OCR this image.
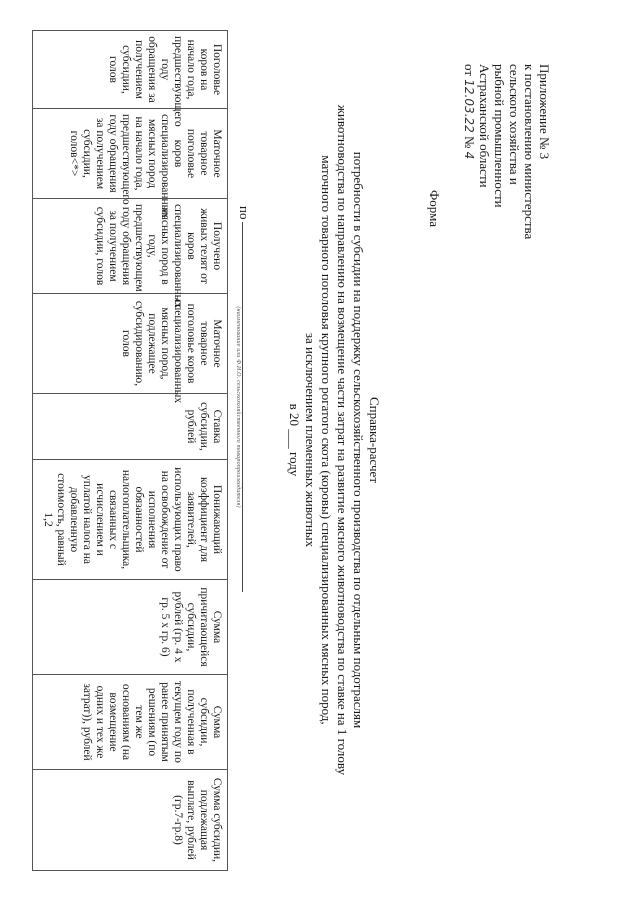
Приложение № 3
к постановлению министерства
сельского хозяйства и
рыбной промышленности
Астраханской области
от 12.03.22 № 4
Форма
Справка-расчет
потребности в субсидии на поддержку сельскохозяйственного производства по отдельным подотраслям
животноводства по направлению на возмещение части затрат на развитие мясного животноводства по ставке на 1 голову
маточного товарного поголовья крупного рогатого скота (коровы) специализированных мясных пород,
за исключением племенных животных
в 20 ___ году
по
(наименование или Ф.И.О. сельскохозяйственного товаропроизводителя)
Поголовье коров на начало года, предшествующего году обращения за получением субсидии, голов	Маточное товарное поголовье коров специализированных мясных пород на начало года, предшествующего году обращения за получением субсидии, голов<*>	Получено живых телят от коров специализированных мясных пород в году, предшествующем году обращения за получением субсидии, голов	Маточное товарное поголовье коров специализированных мясных пород, подлежащее субсидированию, голов	Ставка субсидии, рублей	Понижающий коэффициент для заявителей, использующих право на освобождение от исполнения обязанностей налогоплательщика, связанных с исчислением и уплатой налога на добавленную стоимость, равный 1,2	Сумма причитающейся субсидии, рублей (гр. 4 x гр. 5 x гр. 6)	Сумма субсидии, полученная в текущем году по ранее принятым решениям (по тем же основаниям (на возмещение одних и тех же затрат)), рублей	Сумма субсидии, подлежащая выплате, рублей (гр.7-гр.8)
